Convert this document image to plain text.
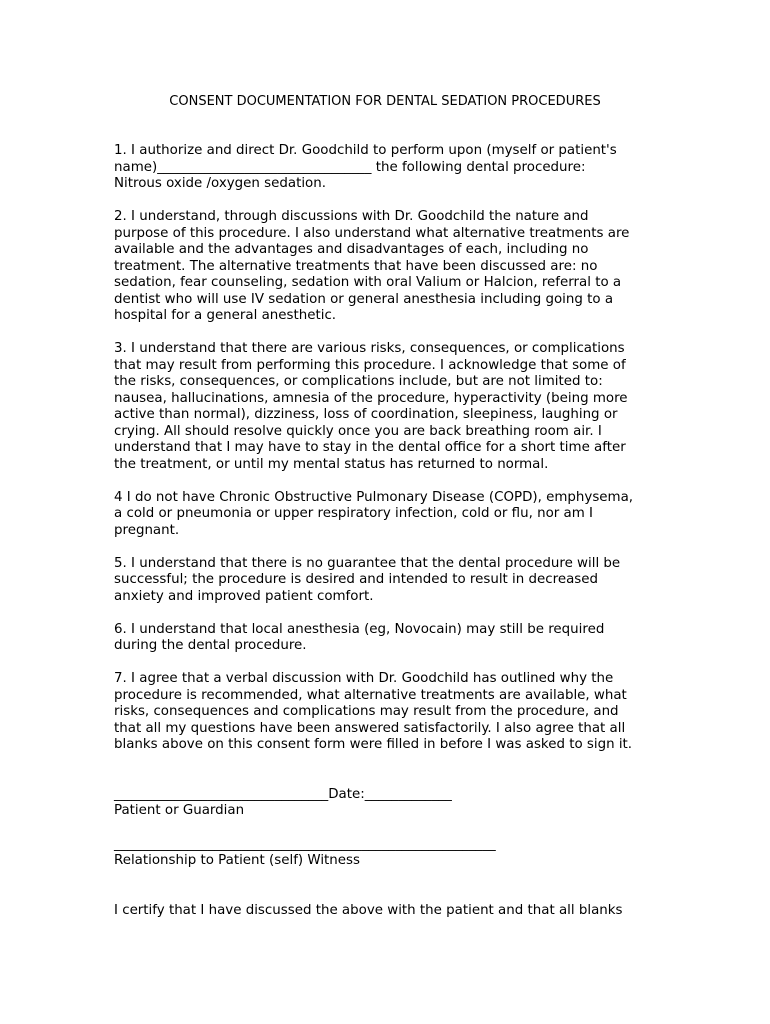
CONSENT DOCUMENTATION FOR DENTAL SEDATION PROCEDURES
1. I authorize and direct Dr. Goodchild to perform upon (myself or patient's
name)________________________________ the following dental procedure:
Nitrous oxide /oxygen sedation.
2. I understand, through discussions with Dr. Goodchild the nature and
purpose of this procedure. I also understand what alternative treatments are
available and the advantages and disadvantages of each, including no
treatment. The alternative treatments that have been discussed are: no
sedation, fear counseling, sedation with oral Valium or Halcion, referral to a
dentist who will use IV sedation or general anesthesia including going to a
hospital for a general anesthetic.
3. I understand that there are various risks, consequences, or complications
that may result from performing this procedure. I acknowledge that some of
the risks, consequences, or complications include, but are not limited to:
nausea, hallucinations, amnesia of the procedure, hyperactivity (being more
active than normal), dizziness, loss of coordination, sleepiness, laughing or
crying. All should resolve quickly once you are back breathing room air. I
understand that I may have to stay in the dental office for a short time after
the treatment, or until my mental status has returned to normal.
4 I do not have Chronic Obstructive Pulmonary Disease (COPD), emphysema,
a cold or pneumonia or upper respiratory infection, cold or flu, nor am I
pregnant.
5. I understand that there is no guarantee that the dental procedure will be
successful; the procedure is desired and intended to result in decreased
anxiety and improved patient comfort.
6. I understand that local anesthesia (eg, Novocain) may still be required
during the dental procedure.
7. I agree that a verbal discussion with Dr. Goodchild has outlined why the
procedure is recommended, what alternative treatments are available, what
risks, consequences and complications may result from the procedure, and
that all my questions have been answered satisfactorily. I also agree that all
blanks above on this consent form were filled in before I was asked to sign it.
________________________________Date:_____________
Patient or Guardian
_________________________________________________________
Relationship to Patient (self) Witness
I certify that I have discussed the above with the patient and that all blanks
